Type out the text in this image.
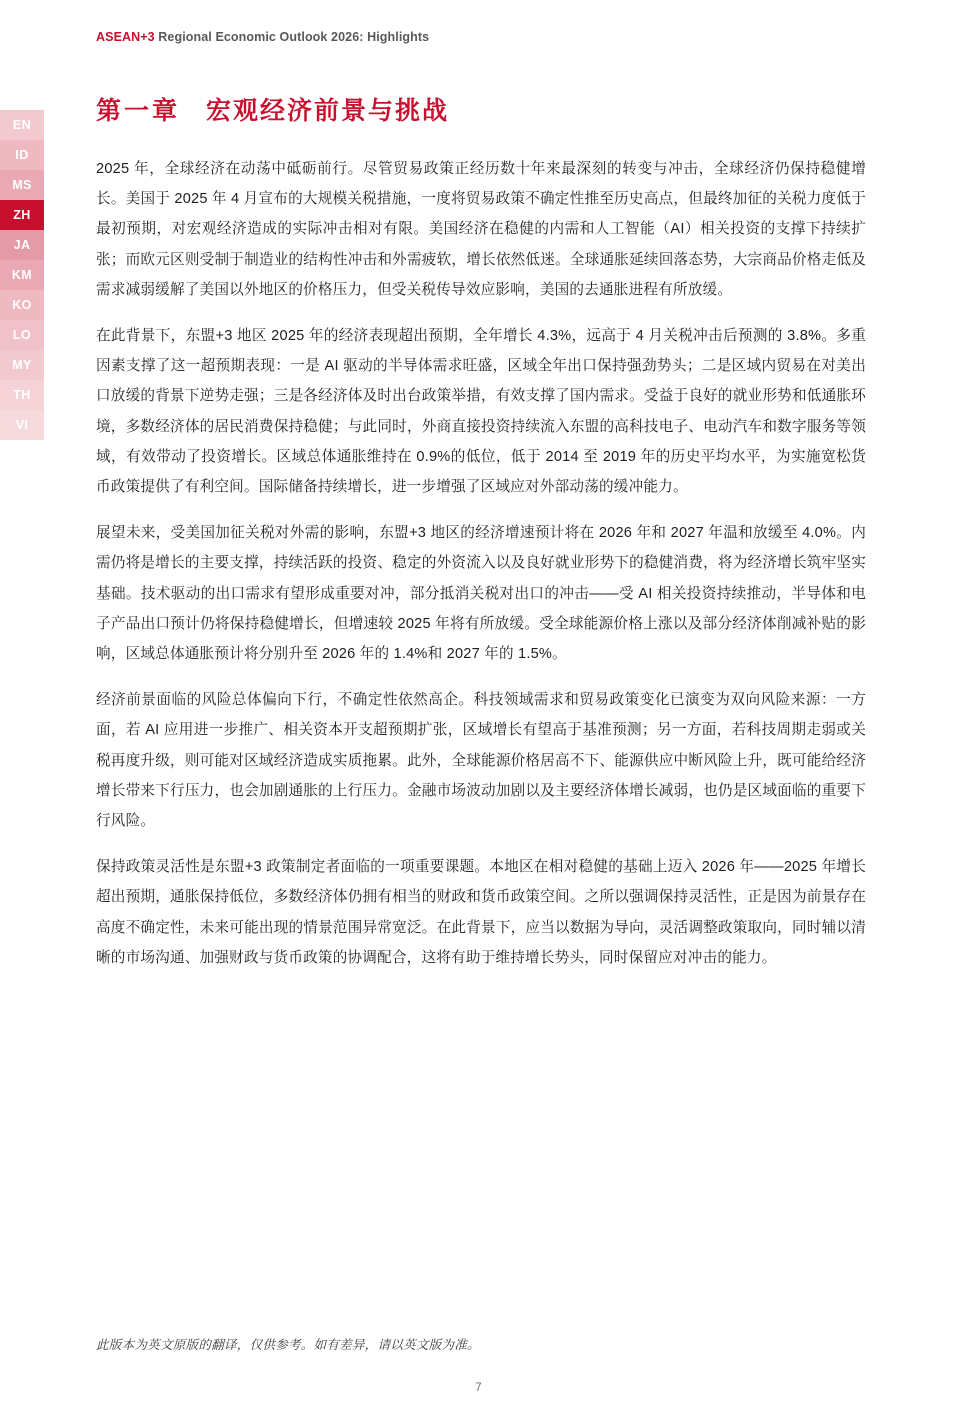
ASEAN+3 Regional Economic Outlook 2026: Highlights
EN
ID
MS
ZH
JA
KM
KO
LO
MY
TH
VI
第一章 宏观经济前景与挑战

2025 年，全球经济在动荡中砥砺前行。尽管贸易政策正经历数十年来最深刻的转变与冲击，全球经济仍保持稳健增长。美国于 2025 年 4 月宣布的大规模关税措施，一度将贸易政策不确定性推至历史高点，但最终加征的关税力度低于最初预期，对宏观经济造成的实际冲击相对有限。美国经济在稳健的内需和人工智能（AI）相关投资的支撑下持续扩张；而欧元区则受制于制造业的结构性冲击和外需疲软，增长依然低迷。全球通胀延续回落态势，大宗商品价格走低及需求减弱缓解了美国以外地区的价格压力，但受关税传导效应影响，美国的去通胀进程有所放缓。

在此背景下，东盟+3 地区 2025 年的经济表现超出预期，全年增长 4.3%，远高于 4 月关税冲击后预测的 3.8%。多重因素支撑了这一超预期表现：一是 AI 驱动的半导体需求旺盛，区域全年出口保持强劲势头；二是区域内贸易在对美出口放缓的背景下逆势走强；三是各经济体及时出台政策举措，有效支撑了国内需求。受益于良好的就业形势和低通胀环境，多数经济体的居民消费保持稳健；与此同时，外商直接投资持续流入东盟的高科技电子、电动汽车和数字服务等领域，有效带动了投资增长。区域总体通胀维持在 0.9%的低位，低于 2014 至 2019 年的历史平均水平，为实施宽松货币政策提供了有利空间。国际储备持续增长，进一步增强了区域应对外部动荡的缓冲能力。

展望未来，受美国加征关税对外需的影响，东盟+3 地区的经济增速预计将在 2026 年和 2027 年温和放缓至 4.0%。内需仍将是增长的主要支撑，持续活跃的投资、稳定的外资流入以及良好就业形势下的稳健消费，将为经济增长筑牢坚实基础。技术驱动的出口需求有望形成重要对冲，部分抵消关税对出口的冲击——受 AI 相关投资持续推动，半导体和电子产品出口预计仍将保持稳健增长，但增速较 2025 年将有所放缓。受全球能源价格上涨以及部分经济体削减补贴的影响，区域总体通胀预计将分别升至 2026 年的 1.4%和 2027 年的 1.5%。

经济前景面临的风险总体偏向下行，不确定性依然高企。科技领域需求和贸易政策变化已演变为双向风险来源：一方面，若 AI 应用进一步推广、相关资本开支超预期扩张，区域增长有望高于基准预测；另一方面，若科技周期走弱或关税再度升级，则可能对区域经济造成实质拖累。此外，全球能源价格居高不下、能源供应中断风险上升，既可能给经济增长带来下行压力，也会加剧通胀的上行压力。金融市场波动加剧以及主要经济体增长减弱，也仍是区域面临的重要下行风险。

保持政策灵活性是东盟+3 政策制定者面临的一项重要课题。本地区在相对稳健的基础上迈入 2026 年——2025 年增长超出预期，通胀保持低位，多数经济体仍拥有相当的财政和货币政策空间。之所以强调保持灵活性，正是因为前景存在高度不确定性，未来可能出现的情景范围异常宽泛。在此背景下，应当以数据为导向，灵活调整政策取向，同时辅以清晰的市场沟通、加强财政与货币政策的协调配合，这将有助于维持增长势头，同时保留应对冲击的能力。

此版本为英文原版的翻译，仅供参考。如有差异，请以英文版为准。
7
